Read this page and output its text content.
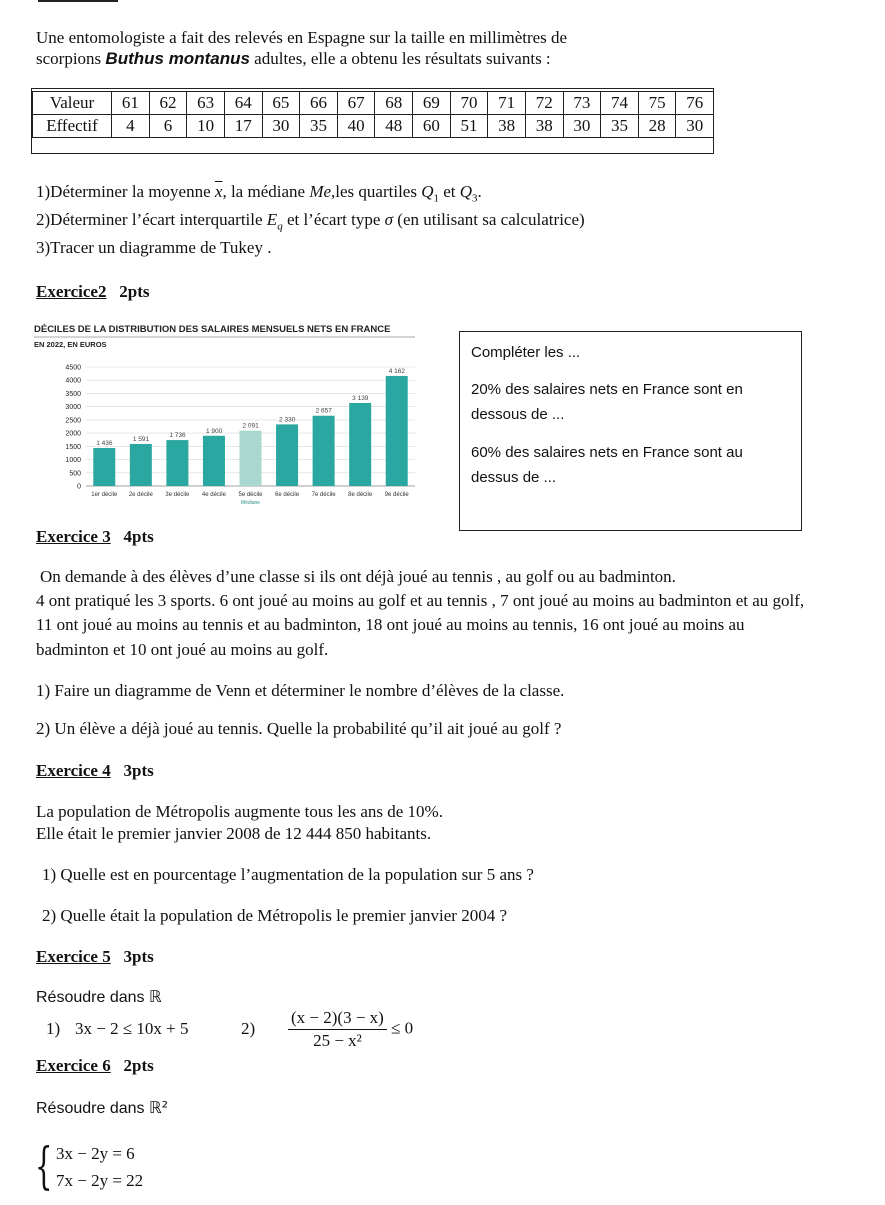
Une entomologiste a fait des relevés en Espagne sur la taille en millimètres de
scorpions Buthus montanus adultes, elle a obtenu les résultats suivants :
Valeur	61	62	63	64	65	66	67	68	69	70	71	72	73	74	75	76
Effectif	4	6	10	17	30	35	40	48	60	51	38	38	30	35	28	30
1)Déterminer la moyenne $\overline{x}$, la médiane Me,les quartiles $Q_1$ et $Q_3$.
2)Déterminer l’écart interquartile $E_q$ et l’écart type σ (en utilisant sa calculatrice)
3)Tracer un diagramme de Tukey .
Exercice2 2pts
DÉCILES DE LA DISTRIBUTION DES SALAIRES MENSUELS NETS EN FRANCE
EN 2022, EN EUROS
0
500
1000
1500
2000
2500
3000
3500
4000
4500
1 436
1er décile
1 591
2e décile
1 736
3e décile
1 900
4e décile
2 091
5e décile
Médiane
2 330
6e décile
2 657
7e décile
3 139
8e décile
4 162
9e décile

Compléter les ...

20% des salaires nets en France sont en

dessous de ...

60% des salaires nets en France sont au

dessus de ...

Exercice 3 4pts
On demande à des élèves d’une classe si ils ont déjà joué au tennis , au golf ou au badminton.
4 ont pratiqué les 3 sports. 6 ont joué au moins au golf et au tennis , 7 ont joué au moins au badminton et au golf,
11 ont joué au moins au tennis et au badminton, 18 ont joué au moins au tennis, 16 ont joué au moins au
badminton et 10 ont joué au moins au golf.
1) Faire un diagramme de Venn et déterminer le nombre d’élèves de la classe.
2) Un élève a déjà joué au tennis. Quelle la probabilité qu’il ait joué au golf ?
Exercice 4 3pts
La population de Métropolis augmente tous les ans de 10%.
Elle était le premier janvier 2008 de 12 444 850 habitants.
1) Quelle est en pourcentage l’augmentation de la population sur 5 ans ?
2) Quelle était la population de Métropolis le premier janvier 2004 ?
Exercice 5 3pts
Résoudre dans ℝ
1) 3x − 2 ≤ 10x + 5	$2) \frac{(x - 2)(3 - x)}{\text{25 − x²}} \le 0$
Exercice 6 2pts
Résoudre dans ℝ²
{ 3x − 2y = 6
7x − 2y = 22
